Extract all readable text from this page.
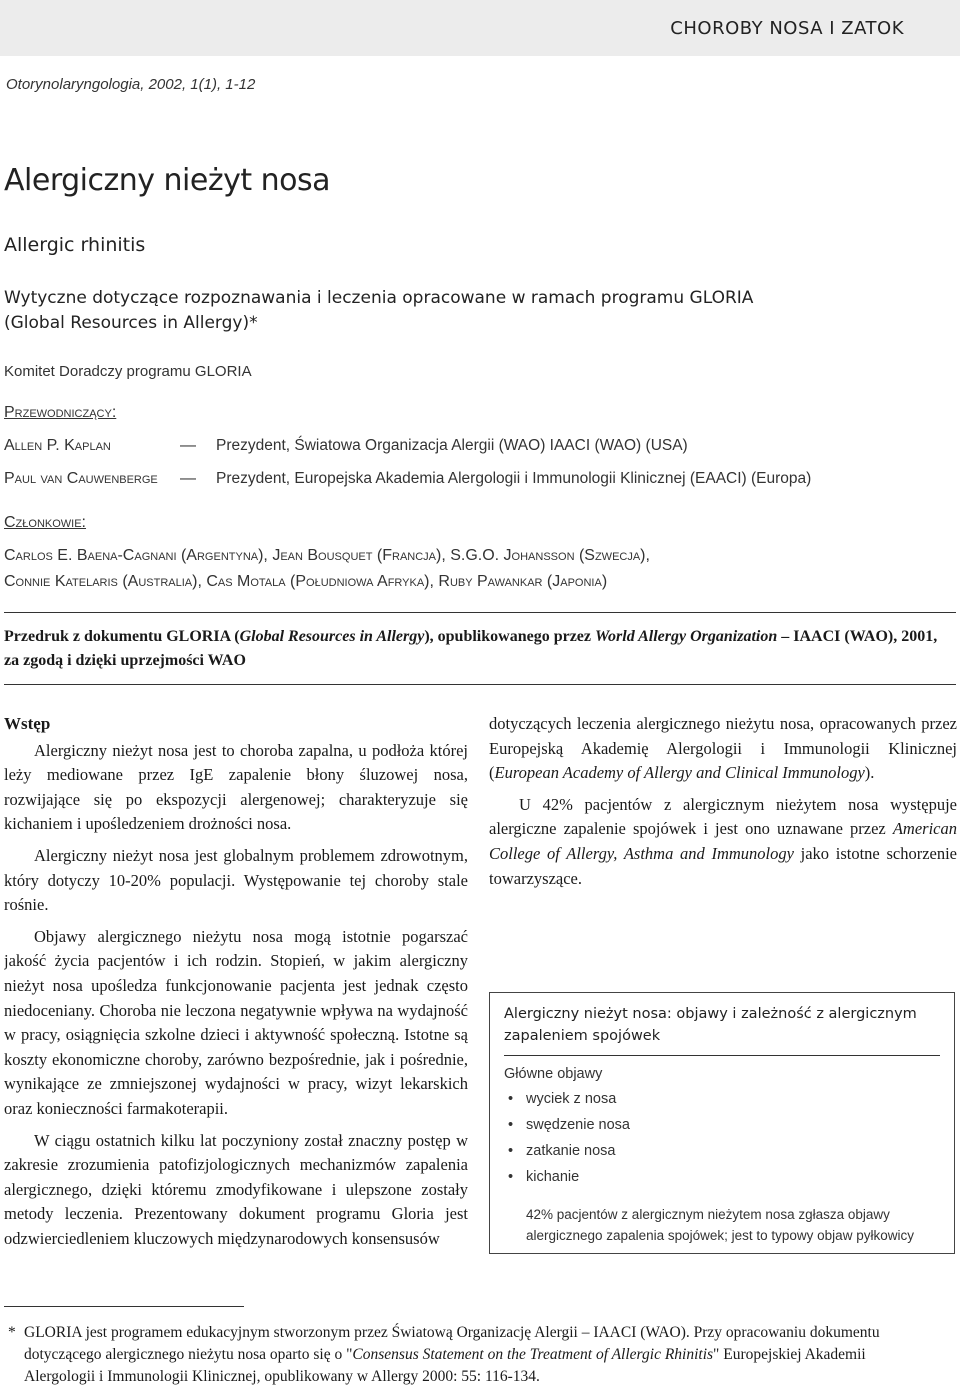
CHOROBY NOSA I ZATOK
Otorynolaryngologia, 2002, 1(1), 1-12
Alergiczny nieżyt nosa
Allergic rhinitis
Wytyczne dotyczące rozpoznawania i leczenia opracowane w ramach programu GLORIA
(Global Resources in Allergy)*
Komitet Doradczy programu GLORIA
Przewodniczący:
Allen P. Kaplan	— Prezydent, Światowa Organizacja Alergii (WAO) IAACI (WAO) (USA)
Paul van Cauwenberge — Prezydent, Europejska Akademia Alergologii i Immunologii Klinicznej (EAACI) (Europa)
Członkowie:
Carlos E. Baena-Cagnani (Argentyna), Jean Bousquet (Francja), S.G.O. Johansson (Szwecja),
Connie Katelaris (Australia), Cas Motala (Południowa Afryka), Ruby Pawankar (Japonia)
Przedruk z dokumentu GLORIA (Global Resources in Allergy), opublikowanego przez World Allergy Organization – IAACI (WAO), 2001, za zgodą i dzięki uprzejmości WAO
Wstęp

Alergiczny nieżyt nosa jest to choroba zapalna, u podłoża której leży mediowane przez IgE zapalenie błony śluzowej nosa, rozwijające się po ekspozycji alergenowej; charakteryzuje się kichaniem i upośledzeniem drożności nosa.

Alergiczny nieżyt nosa jest globalnym problemem zdrowotnym, który dotyczy 10-20% populacji. Występowanie tej choroby stale rośnie.

Objawy alergicznego nieżytu nosa mogą istotnie pogarszać jakość życia pacjentów i ich rodzin. Stopień, w jakim alergiczny nieżyt nosa upośledza funkcjonowanie pacjenta jest jednak często niedoceniany. Choroba nie leczona negatywnie wpływa na wydajność w pracy, osiągnięcia szkolne dzieci i aktywność społeczną. Istotne są koszty ekonomiczne choroby, zarówno bezpośrednie, jak i pośrednie, wynikające ze zmniejszonej wydajności w pracy, wizyt lekarskich oraz konieczności farmakoterapii.

W ciągu ostatnich kilku lat poczyniony został znaczny postęp w zakresie zrozumienia patofizjologicznych mechanizmów zapalenia alergicznego, dzięki któremu zmodyfikowane i ulepszone zostały metody leczenia. Prezentowany dokument programu Gloria jest odzwierciedleniem kluczowych międzynarodowych konsensusów

dotyczących leczenia alergicznego nieżytu nosa, opracowanych przez Europejską Akademię Alergologii i Immunologii Klinicznej (European Academy of Allergy and Clinical Immunology).

U 42% pacjentów z alergicznym nieżytem nosa występuje alergiczne zapalenie spojówek i jest ono uznawane przez American College of Allergy, Asthma and Immunology jako istotne schorzenie towarzyszące.

Alergiczny nieżyt nosa: objawy i zależność z alergicznym zapaleniem spojówek
Główne objawy
• wyciek z nosa
• swędzenie nosa
• zatkanie nosa
• kichanie
42% pacjentów z alergicznym nieżytem nosa zgłasza objawy alergicznego zapalenia spojówek; jest to typowy objaw pyłkowicy
* GLORIA jest programem edukacyjnym stworzonym przez Światową Organizację Alergii – IAACI (WAO). Przy opracowaniu dokumentu dotyczącego alergicznego nieżytu nosa oparto się o "Consensus Statement on the Treatment of Allergic Rhinitis" Europejskiej Akademii Alergologii i Immunologii Klinicznej, opublikowany w Allergy 2000: 55: 116-134.
